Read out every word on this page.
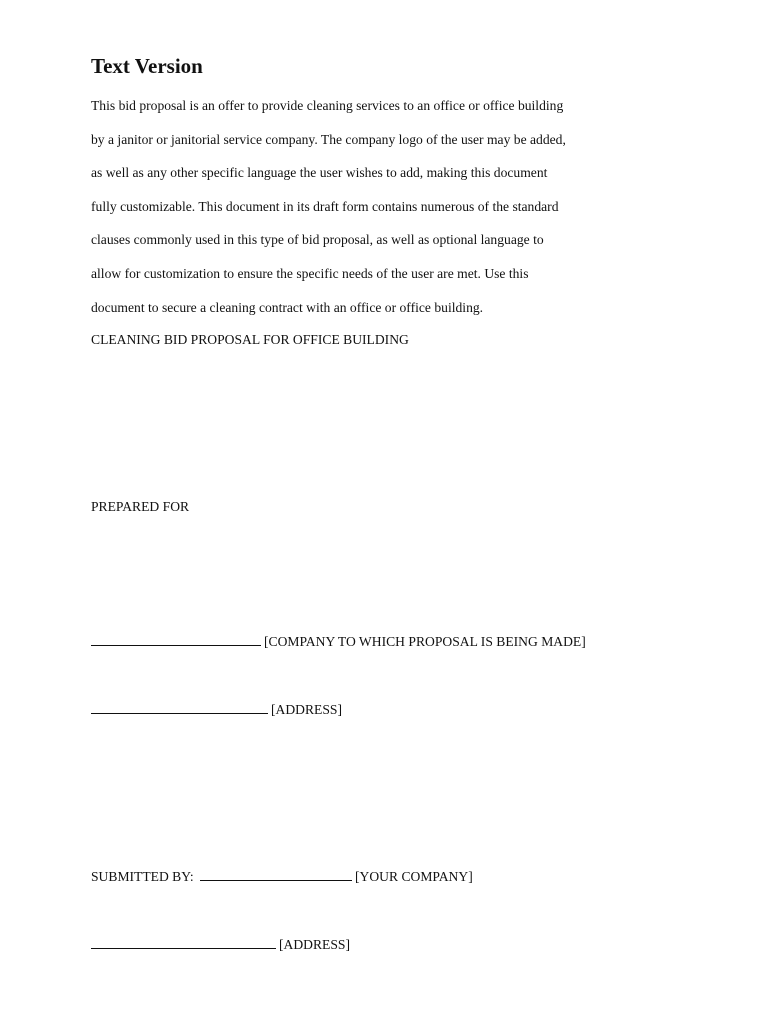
Text Version
This bid proposal is an offer to provide cleaning services to an office or office building
by a janitor or janitorial service company. The company logo of the user may be added,
as well as any other specific language the user wishes to add, making this document
fully customizable. This document in its draft form contains numerous of the standard
clauses commonly used in this type of bid proposal, as well as optional language to
allow for customization to ensure the specific needs of the user are met. Use this
document to secure a cleaning contract with an office or office building.
CLEANING BID PROPOSAL FOR OFFICE BUILDING
PREPARED FOR
[COMPANY TO WHICH PROPOSAL IS BEING MADE]
[ADDRESS]
SUBMITTED BY:	[YOUR COMPANY]
[ADDRESS]
